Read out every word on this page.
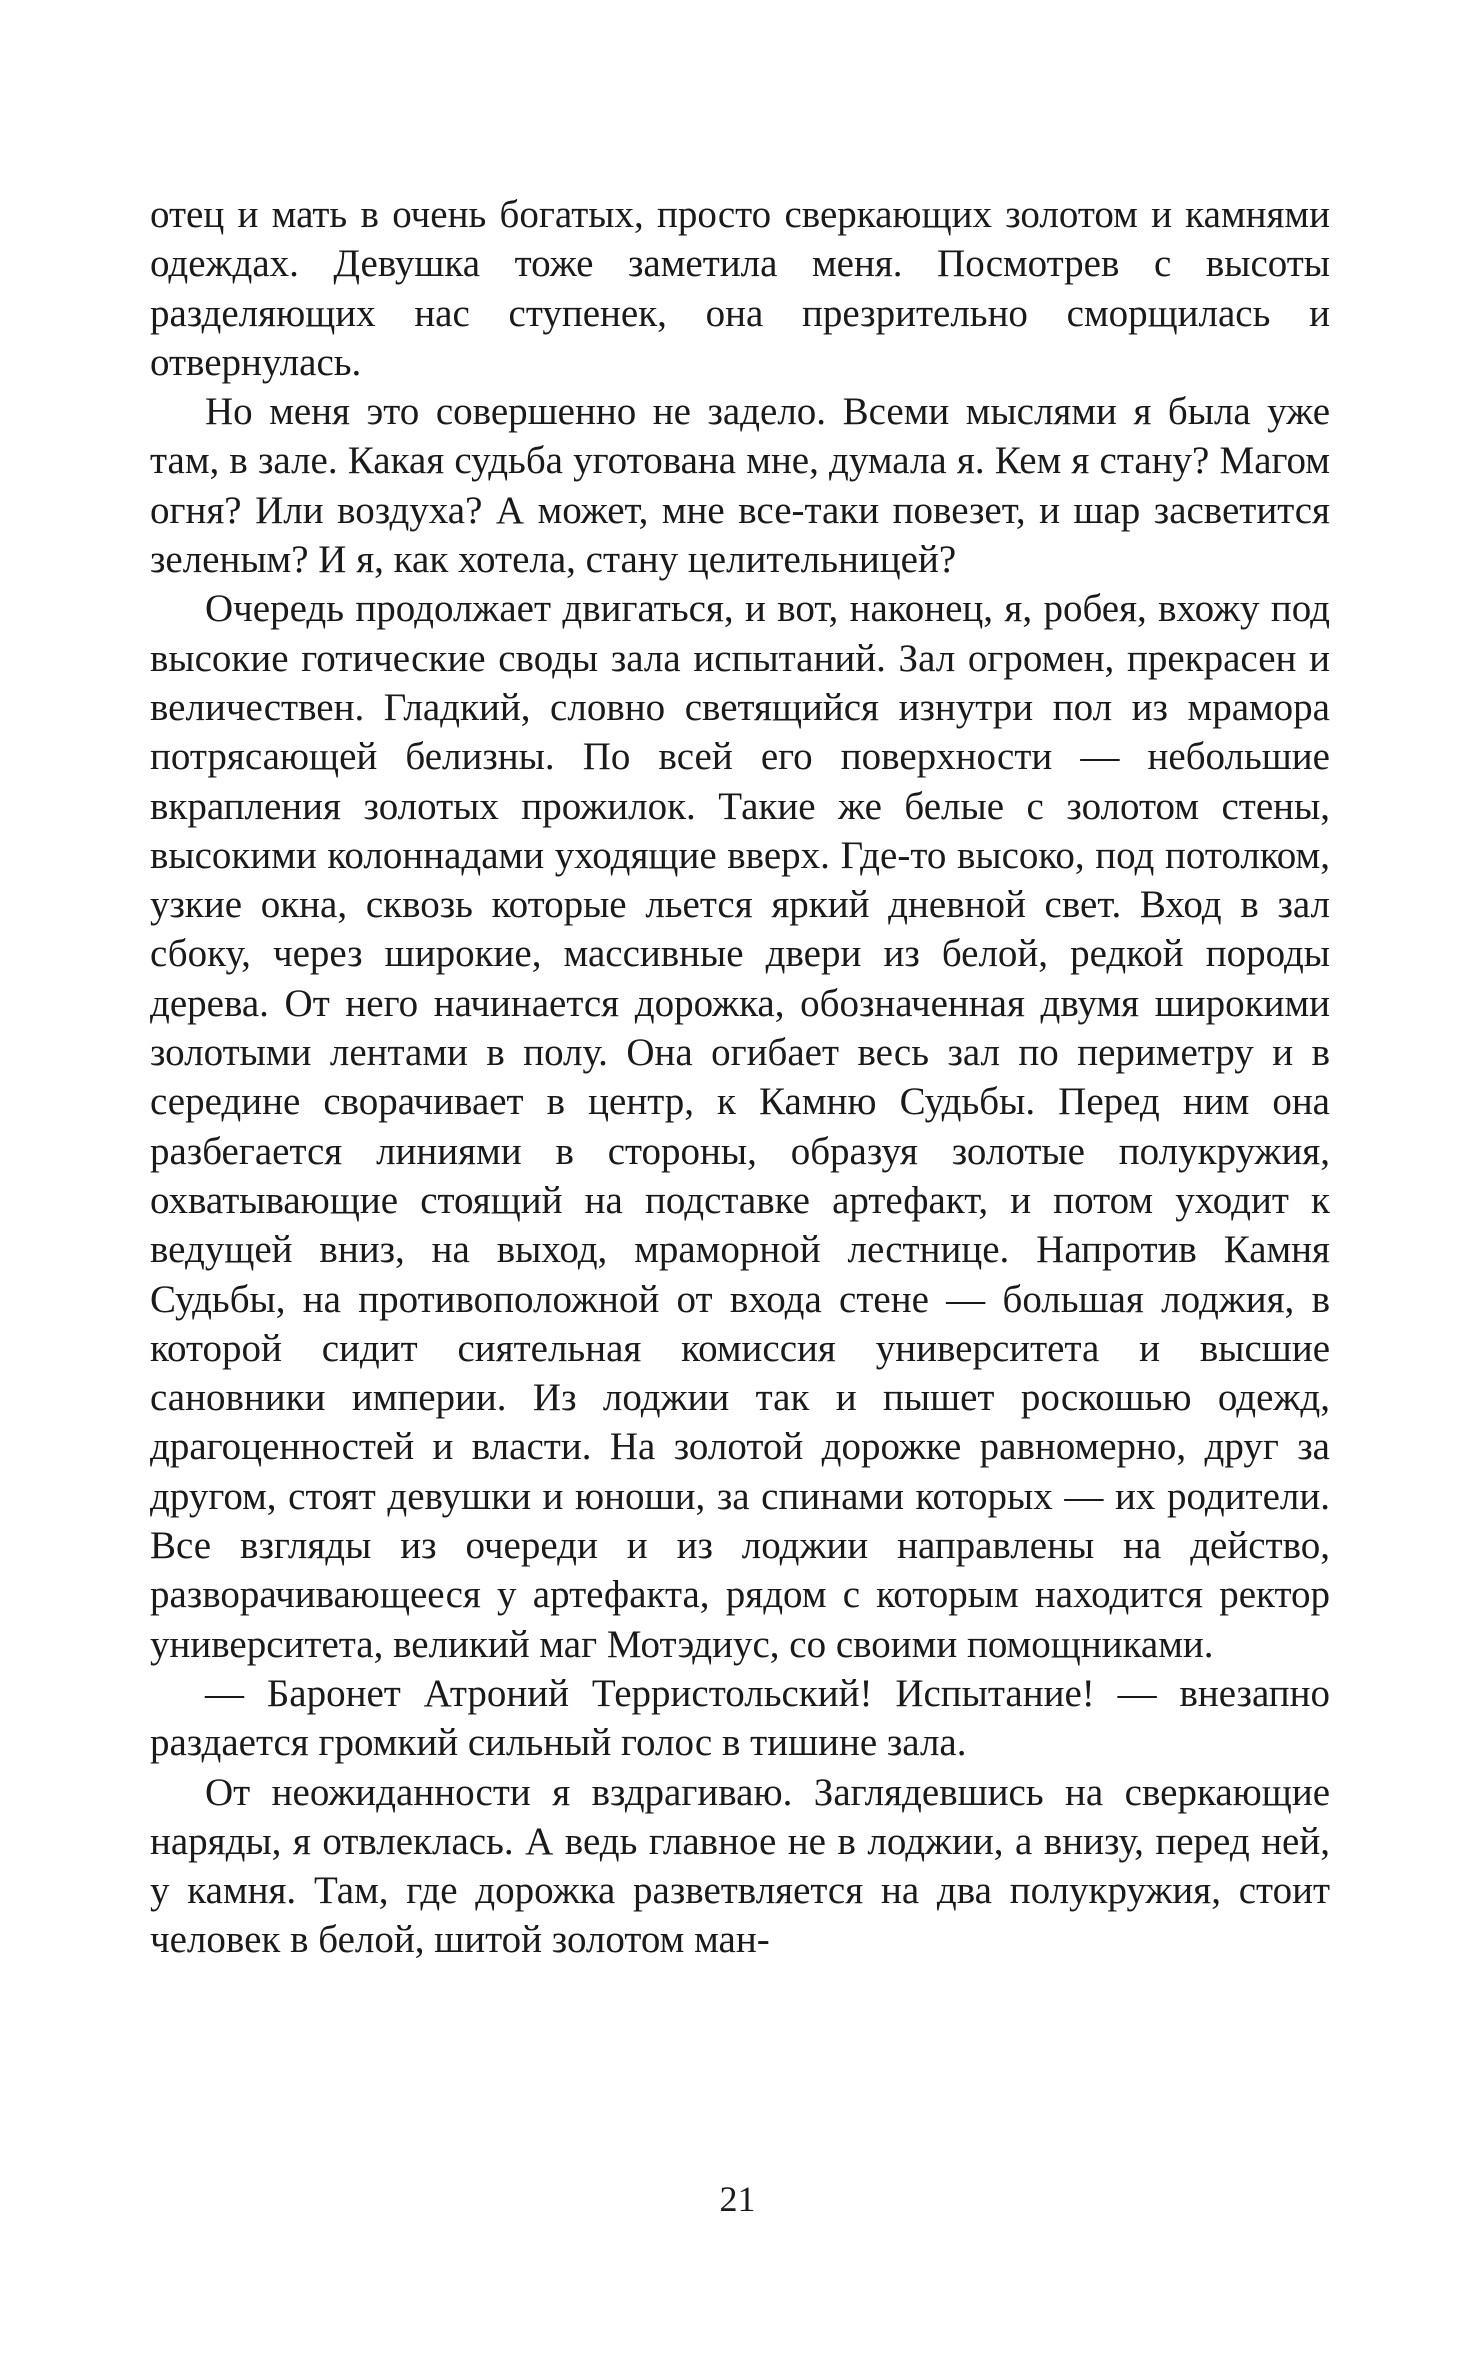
отец и мать в очень богатых, просто сверкающих золотом и камнями одеждах. Девушка тоже заметила меня. Посмотрев с высоты разделяющих нас ступенек, она презрительно сморщилась и отвернулась.

Но меня это совершенно не задело. Всеми мыслями я была уже там, в зале. Какая судьба уготована мне, думала я. Кем я стану? Магом огня? Или воздуха? А может, мне все-таки повезет, и шар засветится зеленым? И я, как хотела, стану целительницей?

Очередь продолжает двигаться, и вот, наконец, я, робея, вхожу под высокие готические своды зала испытаний. Зал огромен, прекрасен и величествен. Гладкий, словно светящийся изнутри пол из мрамора потрясающей белизны. По всей его поверхности — небольшие вкрапления золотых прожилок. Такие же белые с золотом стены, высокими колоннадами уходящие вверх. Где-то высоко, под потолком, узкие окна, сквозь которые льется яркий дневной свет. Вход в зал сбоку, через широкие, массивные двери из белой, редкой породы дерева. От него начинается дорожка, обозначенная двумя широкими золотыми лентами в полу. Она огибает весь зал по периметру и в середине сворачивает в центр, к Камню Судьбы. Перед ним она разбегается линиями в стороны, образуя золотые полукружия, охватывающие стоящий на подставке артефакт, и потом уходит к ведущей вниз, на выход, мраморной лестнице. Напротив Камня Судьбы, на противоположной от входа стене — большая лоджия, в которой сидит сиятельная комиссия университета и высшие сановники империи. Из лоджии так и пышет роскошью одежд, драгоценностей и власти. На золотой дорожке равномерно, друг за другом, стоят девушки и юноши, за спинами которых — их родители. Все взгляды из очереди и из лоджии направлены на действо, разворачивающееся у артефакта, рядом с которым находится ректор университета, великий маг Мотэдиус, со своими помощниками.

— Баронет Атроний Терристольский! Испытание! — внезапно раздается громкий сильный голос в тишине зала.

От неожиданности я вздрагиваю. Заглядевшись на сверкающие наряды, я отвлеклась. А ведь главное не в лоджии, а внизу, перед ней, у камня. Там, где дорожка разветвляется на два полукружия, стоит человек в белой, шитой золотом ман-

21
